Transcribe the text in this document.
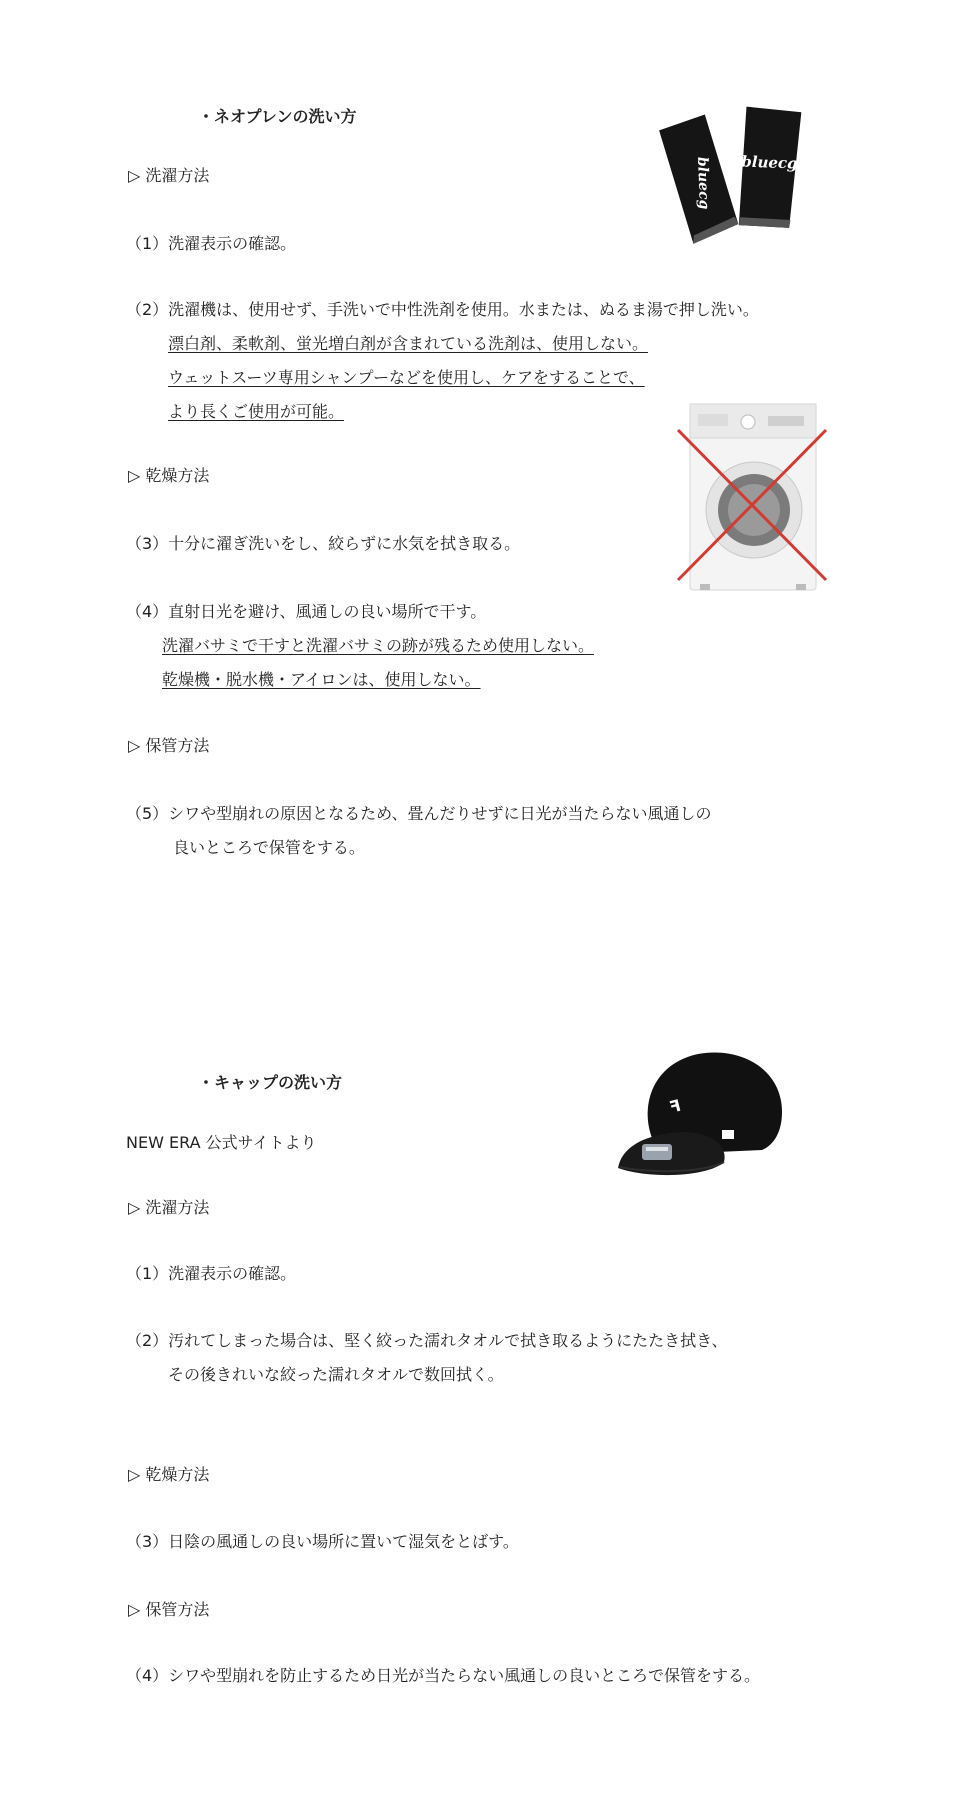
・ネオプレンの洗い方
bluecg bluecg
▷ 洗濯方法
（1）洗濯表示の確認。
（2）洗濯機は、使用せず、手洗いで中性洗剤を使用。水または、ぬるま湯で押し洗い。
漂白剤、柔軟剤、蛍光増白剤が含まれている洗剤は、使用しない。
ウェットスーツ専用シャンプーなどを使用し、ケアをすることで、
より長くご使用が可能。
▷ 乾燥方法
（3）十分に濯ぎ洗いをし、絞らずに水気を拭き取る。
（4）直射日光を避け、風通しの良い場所で干す。
洗濯バサミで干すと洗濯バサミの跡が残るため使用しない。
乾燥機・脱水機・アイロンは、使用しない。
▷ 保管方法
（5）シワや型崩れの原因となるため、畳んだりせずに日光が当たらない風通しの
良いところで保管をする。
・キャップの洗い方
ꟻ
NEW ERA 公式サイトより
▷ 洗濯方法
（1）洗濯表示の確認。
（2）汚れてしまった場合は、堅く絞った濡れタオルで拭き取るようにたたき拭き、
その後きれいな絞った濡れタオルで数回拭く。
▷ 乾燥方法
（3）日陰の風通しの良い場所に置いて湿気をとばす。
▷ 保管方法
（4）シワや型崩れを防止するため日光が当たらない風通しの良いところで保管をする。
